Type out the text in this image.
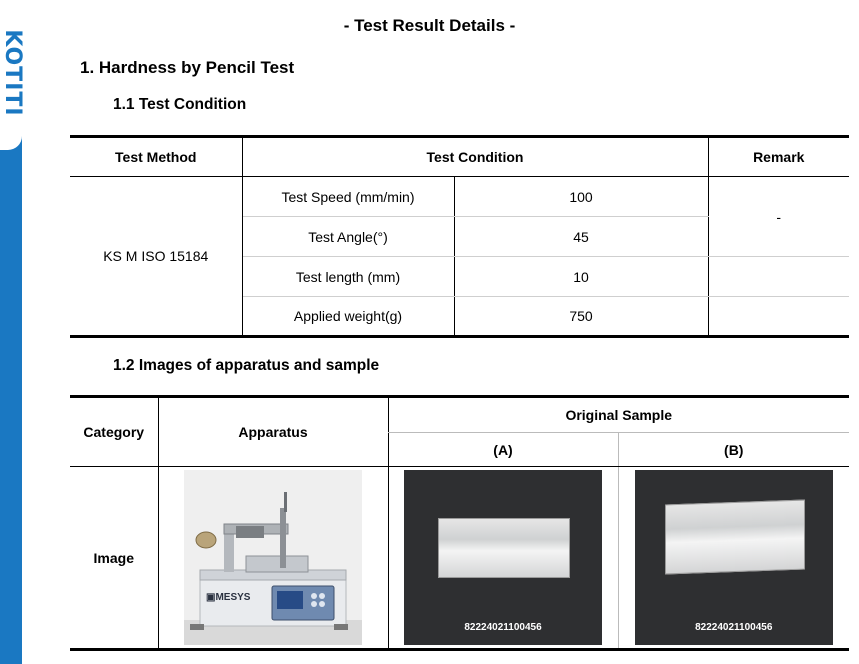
KOTITI
- Test Result Details -
1. Hardness by Pencil Test
1.1 Test Condition
Test Method	Test Condition		Remark
KS M ISO 15184	Test Speed (mm/min)	100	-
	Test Angle(°)	45	
	Test length (mm)	10	
	Applied weight(g)	750	
1.2 Images of apparatus and sample
Category	Apparatus	Original Sample	
		(A)	(B)
Image	▣MESYS	82224021100456	82224021100456
